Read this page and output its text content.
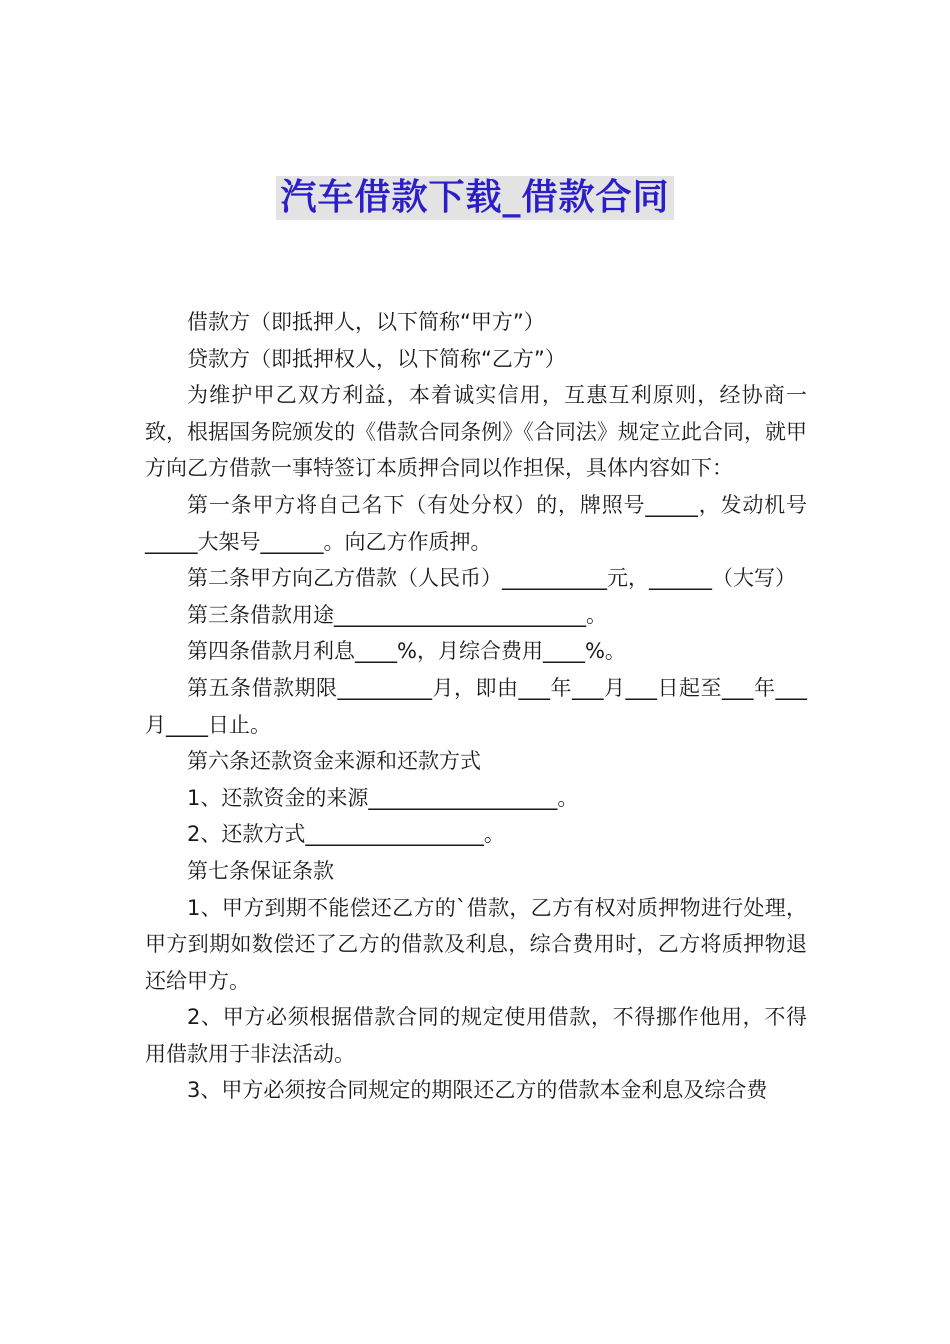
汽车借款下载_借款合同

借款方（即抵押人，以下简称“甲方”）

贷款方（即抵押权人，以下简称“乙方”）

为维护甲乙双方利益，本着诚实信用，互惠互利原则，经协商一致，根据国务院颁发的《借款合同条例》《合同法》规定立此合同，就甲方向乙方借款一事特签订本质押合同以作担保，具体内容如下：

第一条甲方将自己名下（有处分权）的，牌照号_____，发动机号_____大架号______。向乙方作质押。

第二条甲方向乙方借款（人民币）__________元，______（大写）

第三条借款用途________________________。

第四条借款月利息____%，月综合费用____%。

第五条借款期限_________月，即由___年___月___日起至___年___月____日止。

第六条还款资金来源和还款方式

1、还款资金的来源__________________。

2、还款方式_________________。

第七条保证条款

1、甲方到期不能偿还乙方的`借款，乙方有权对质押物进行处理，甲方到期如数偿还了乙方的借款及利息，综合费用时，乙方将质押物退还给甲方。

2、甲方必须根据借款合同的规定使用借款，不得挪作他用，不得用借款用于非法活动。

3、甲方必须按合同规定的期限还乙方的借款本金利息及综合费
